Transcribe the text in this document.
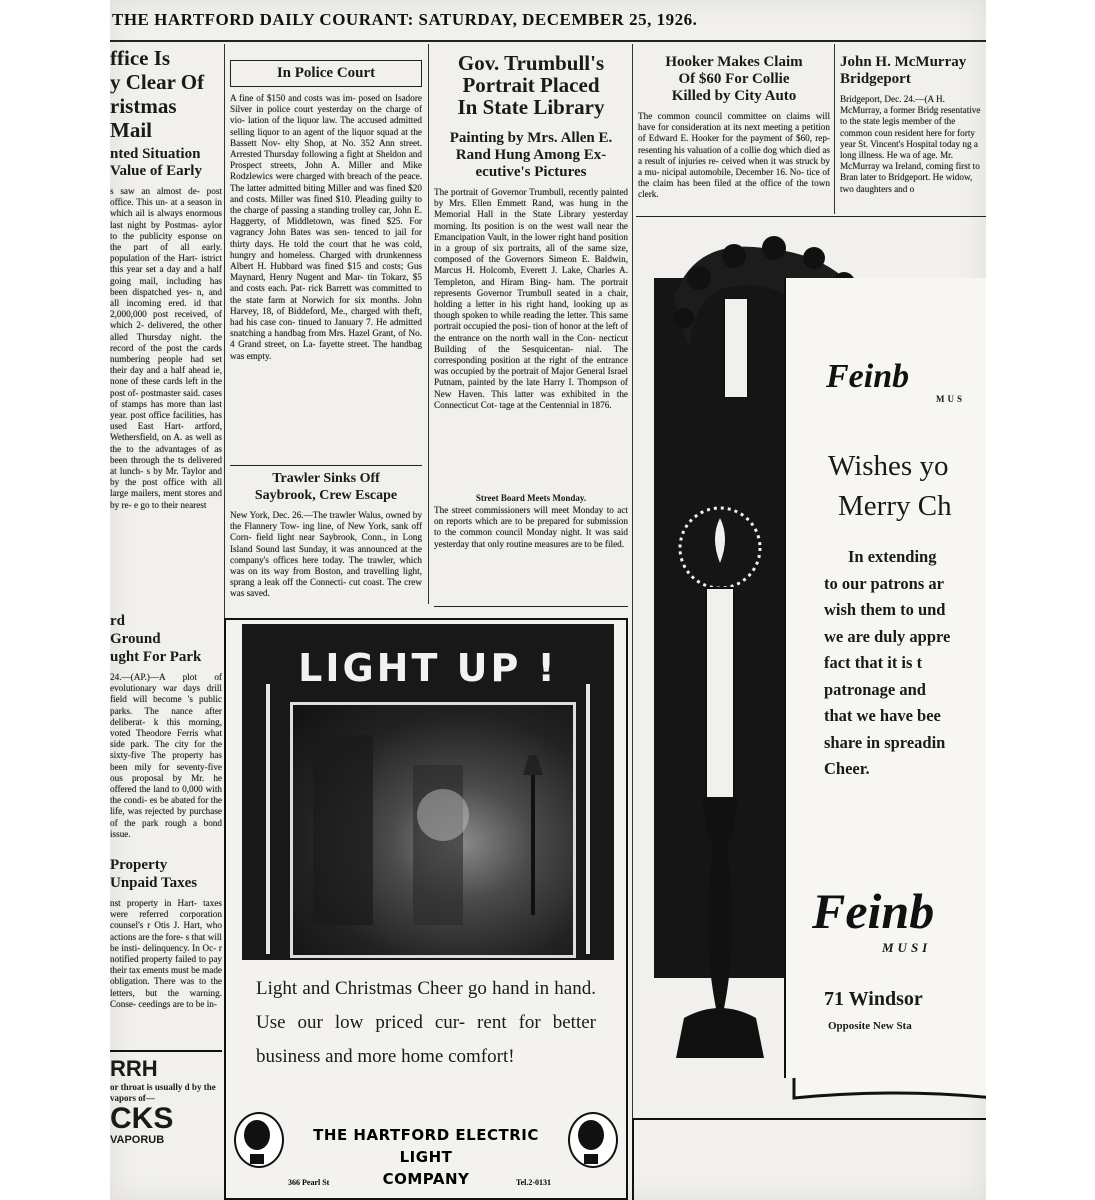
THE HARTFORD DAILY COURANT: SATURDAY, DECEMBER 25, 1926.
ffice Is
y Clear Of
ristmas Mail
nted Situation
Value of Early

s saw an almost de- post office. This un- at a season in which ail is always enormous last night by Postmas- aylor to the publicity esponse on the part of all early. population of the Hart- istrict this year set a day and a half going mail, including has been dispatched yes- n, and all incoming ered. id that 2,000,000 post received, of which 2- delivered, the other alled Thursday night. the record of the post the cards numbering people had set their day and a half ahead ie, none of these cards left in the post of- postmaster said. cases of stamps has more than last year. post office facilities, has used East Hart- artford, Wethersfield, on A. as well as the to the advantages of as been through the ts delivered at lunch- s by Mr. Taylor and by the post office with all large mailers, ment stores and by re- e go to their nearest

rd
Ground
ught For Park

24.—(AP.)—A plot of evolutionary war days drill field will become 's public parks. The nance after deliberat- k this morning, voted Theodore Ferris what side park. The city for the sixty-five The property has been mily for seventy-five ous proposal by Mr. he offered the land to 0,000 with the condi- es be abated for the life, was rejected by purchase of the park rough a bond issue.

Property
Unpaid Taxes

nst property in Hart- taxes were referred corporation counsel's r Otis J. Hart, who actions are the fore- s that will be insti- delinquency. In Oc- r notified property failed to pay their tax ements must be made obligation. There was to the letters, but the warning. Conse- ceedings are to be in-

RRH
or throat is usually d by the vapors of—
CKS
VAPORUB
In Police Court

A fine of $150 and costs was im- posed on Isadore Silver in police court yesterday on the charge of vio- lation of the liquor law. The accused admitted selling liquor to an agent of the liquor squad at the Bassett Nov- elty Shop, at No. 352 Ann street. Arrested Thursday following a fight at Sheldon and Prospect streets, John A. Miller and Mike Rodzlewics were charged with breach of the peace. The latter admitted biting Miller and was fined $20 and costs. Miller was fined $10. Pleading guilty to the charge of passing a standing trolley car, John E. Haggerty, of Middletown, was fined $25. For vagrancy John Bates was sen- tenced to jail for thirty days. He told the court that he was cold, hungry and homeless. Charged with drunkenness Albert H. Hubbard was fined $15 and costs; Gus Maynard, Henry Nugent and Mar- tin Tokarz, $5 and costs each. Pat- rick Barrett was committed to the state farm at Norwich for six months. John Harvey, 18, of Biddeford, Me., charged with theft, had his case con- tinued to January 7. He admitted snatching a handbag from Mrs. Hazel Grant, of No. 4 Grand street, on La- fayette street. The handbag was empty.

Trawler Sinks Off
Saybrook, Crew Escape

New York, Dec. 26.—The trawler Walus, owned by the Flannery Tow- ing line, of New York, sank off Corn- field light near Saybrook, Conn., in Long Island Sound last Sunday, it was announced at the company's offices here today. The trawler, which was on its way from Boston, and travelling light, sprang a leak off the Connecti- cut coast. The crew was saved.

Gov. Trumbull's
Portrait Placed
In State Library
Painting by Mrs. Allen E.
Rand Hung Among Ex-
ecutive's Pictures

The portrait of Governor Trumbull, recently painted by Mrs. Ellen Emmett Rand, was hung in the Memorial Hall in the State Library yesterday morning. Its position is on the west wall near the Emancipation Vault, in the lower right hand position in a group of six portraits, all of the same size, composed of the Governors Simeon E. Baldwin, Marcus H. Holcomb, Everett J. Lake, Charles A. Templeton, and Hiram Bing- ham. The portrait represents Governor Trumbull seated in a chair, holding a letter in his right hand, looking up as though spoken to while reading the letter. This same portrait occupied the posi- tion of honor at the left of the entrance on the north wall in the Con- necticut Building of the Sesquicentan- nial. The corresponding position at the right of the entrance was occupied by the portrait of Major General Israel Putnam, painted by the late Harry I. Thompson of New Haven. This latter was exhibited in the Connecticut Cot- tage at the Centennial in 1876.

Street Board Meets Monday.

The street commissioners will meet Monday to act on reports which are to be prepared for submission to the common council Monday night. It was said yesterday that only routine measures are to be filed.

Hooker Makes Claim
Of $60 For Collie
Killed by City Auto

The common council committee on claims will have for consideration at its next meeting a petition of Edward E. Hooker for the payment of $60, rep- resenting his valuation of a collie dog which died as a result of injuries re- ceived when it was struck by a mu- nicipal automobile, December 16. No- tice of the claim has been filed at the office of the town clerk.

John H. McMurray
Bridgeport

Bridgeport, Dec. 24.—(A H. McMurray, a former Bridg resentative to the state legis member of the common coun resident here for forty year St. Vincent's Hospital today ng a long illness. He wa of age. Mr. McMurray wa Ireland, coming first to Bran later to Bridgeport. He widow, two daughters and o

LIGHT UP !
Light and Christmas Cheer go hand in hand. Use our low priced cur- rent for better business and more home comfort!
THE HARTFORD ELECTRIC LIGHT
COMPANY
366 Pearl St	Tel.2-0131
Feinb
MUS
Wishes yo
Merry Ch
In extending
to our patrons ar
wish them to und
we are duly appre
fact that it is t
patronage and
that we have bee
share in spreadin
Cheer.
Feinb
MUSI
71 Windsor
Opposite New Sta
